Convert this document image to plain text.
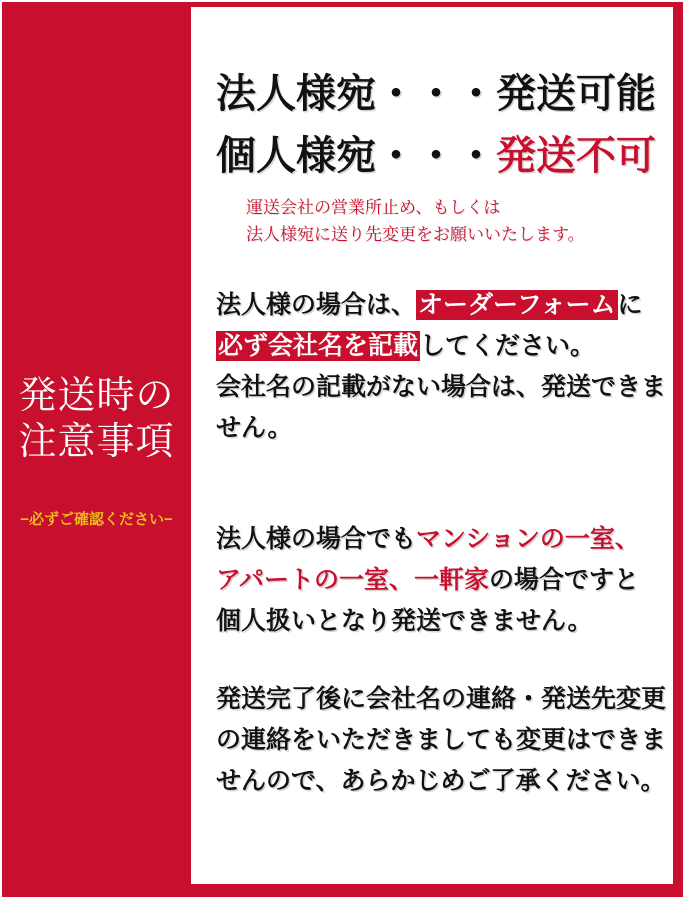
発送時の
注意事項
−必ずご確認ください−
法人様宛・・・発送可能
個人様宛・・・発送不可
運送会社の営業所止め、もしくは
法人様宛に送り先変更をお願いいたします。
法人様の場合は、オーダーフォームに
必ず会社名を記載してください。
会社名の記載がない場合は、発送できま
せん。
法人様の場合でもマンションの一室、
アパートの一室、一軒家の場合ですと
個人扱いとなり発送できません。
発送完了後に会社名の連絡・発送先変更
の連絡をいただきましても変更はできま
せんので、あらかじめご了承ください。
